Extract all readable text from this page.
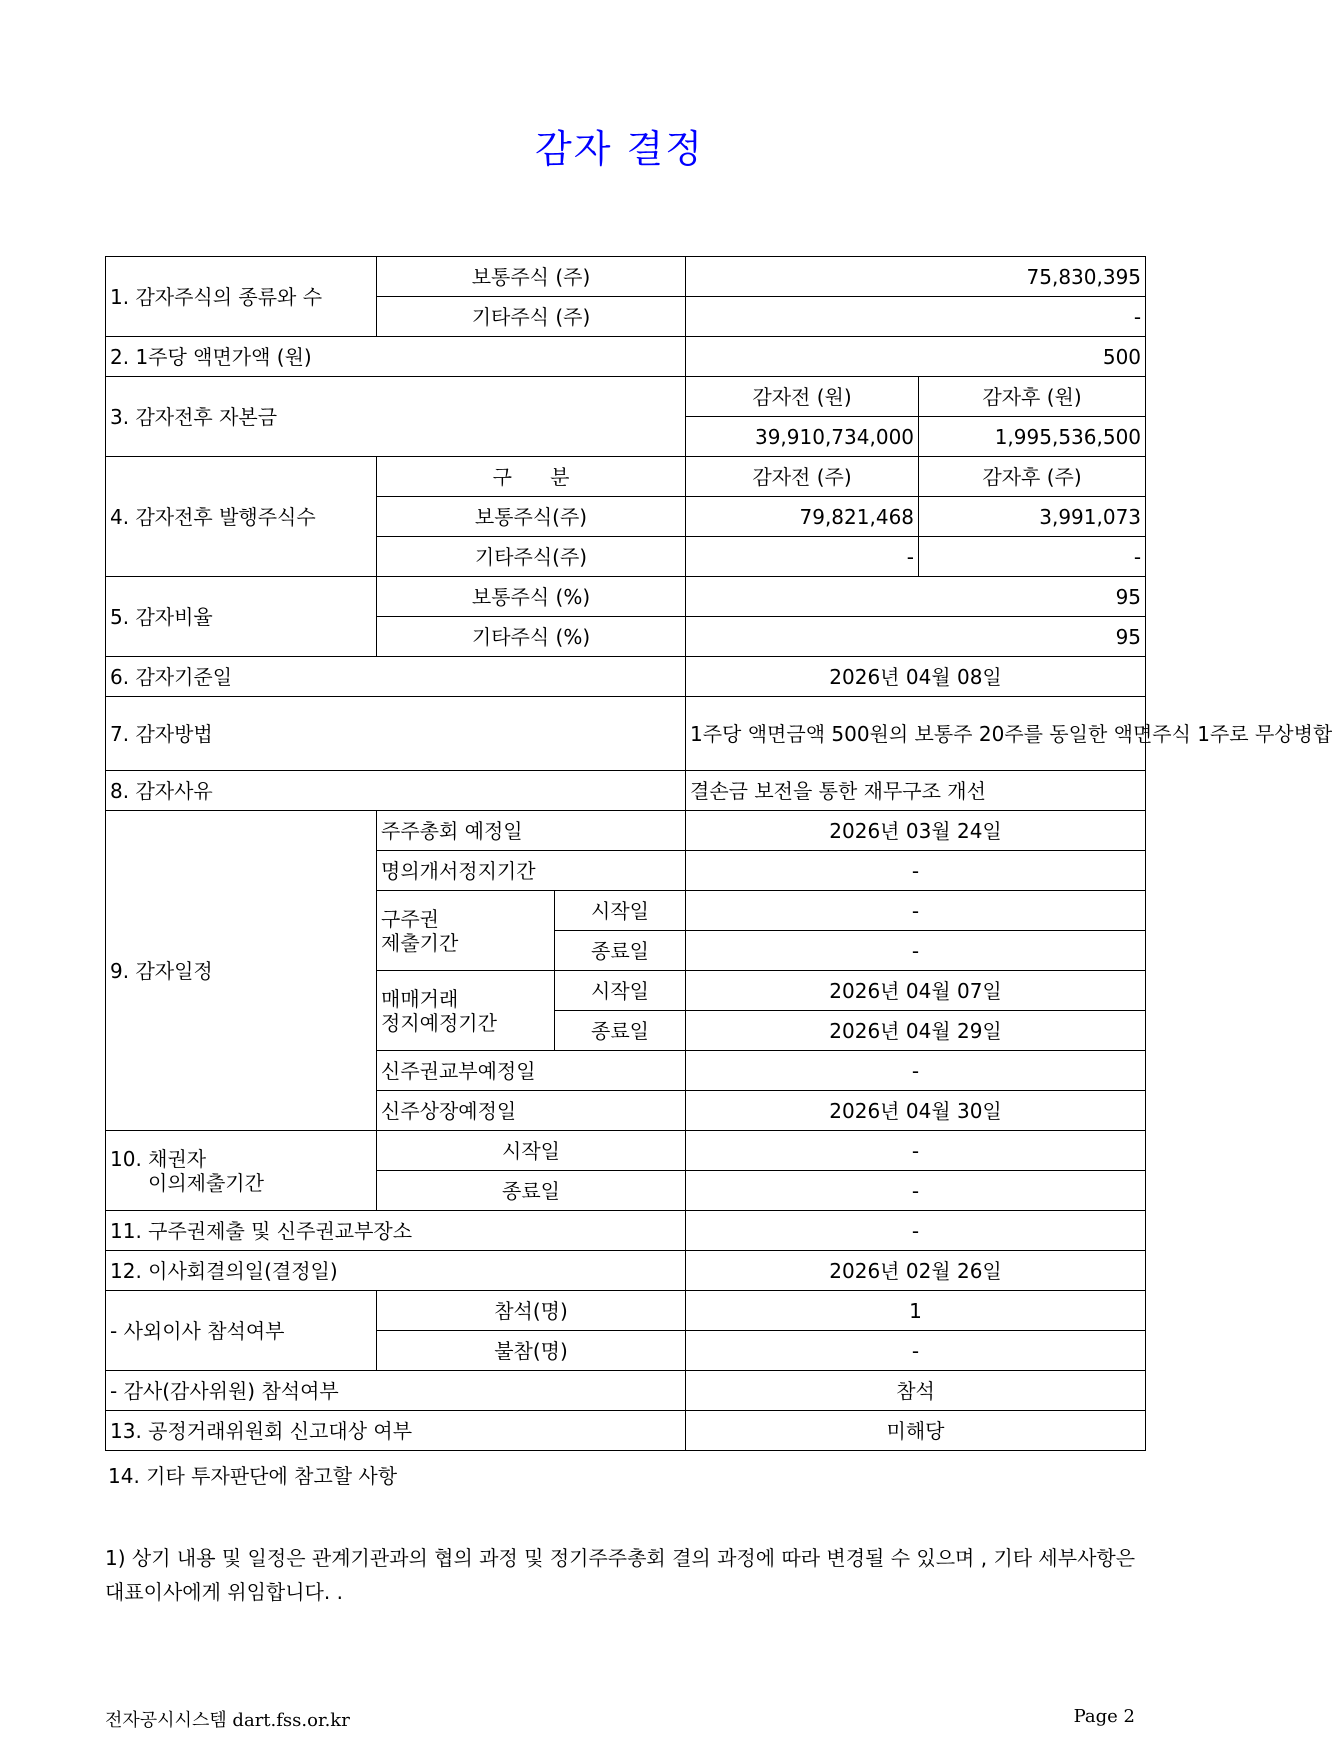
감자 결정
1. 감자주식의 종류와 수	보통주식 (주)		75,830,395	
	기타주식 (주)		-	
2. 1주당 액면가액 (원)			500	
3. 감자전후 자본금			감자전 (원)	감자후 (원)
			39,910,734,000	1,995,536,500
4. 감자전후 발행주식수	구      분		감자전 (주)	감자후 (주)
	보통주식(주)		79,821,468	3,991,073
	기타주식(주)		-	-
5. 감자비율	보통주식 (%)		95	
	기타주식 (%)		95	
6. 감자기준일			2026년 04월 08일	
7. 감자방법			1주당 액면금액 500원의 보통주 20주를 동일한 액면주식 1주로 무상병합	
8. 감자사유			결손금 보전을 통한 재무구조 개선	
9. 감자일정	주주총회 예정일		2026년 03월 24일	
	명의개서정지기간		-	
	구주권
제출기간	시작일	-	
		종료일	-	
	매매거래
정지예정기간	시작일	2026년 04월 07일	
		종료일	2026년 04월 29일	
	신주권교부예정일		-	
	신주상장예정일		2026년 04월 30일	
10. 채권자
이의제출기간	시작일		-	
	종료일		-	
11. 구주권제출 및 신주권교부장소			-	
12. 이사회결의일(결정일)			2026년 02월 26일	
- 사외이사 참석여부	참석(명)		1	
	불참(명)		-	
- 감사(감사위원) 참석여부			참석	
13. 공정거래위원회 신고대상 여부			미해당	
14. 기타 투자판단에 참고할 사항
1) 상기 내용 및 일정은 관계기관과의 협의 과정 및 정기주주총회 결의 과정에 따라 변경될 수 있으며 , 기타 세부사항은 대표이사에게 위임합니다. .
전자공시시스템 dart.fss.or.kr	Page 2
